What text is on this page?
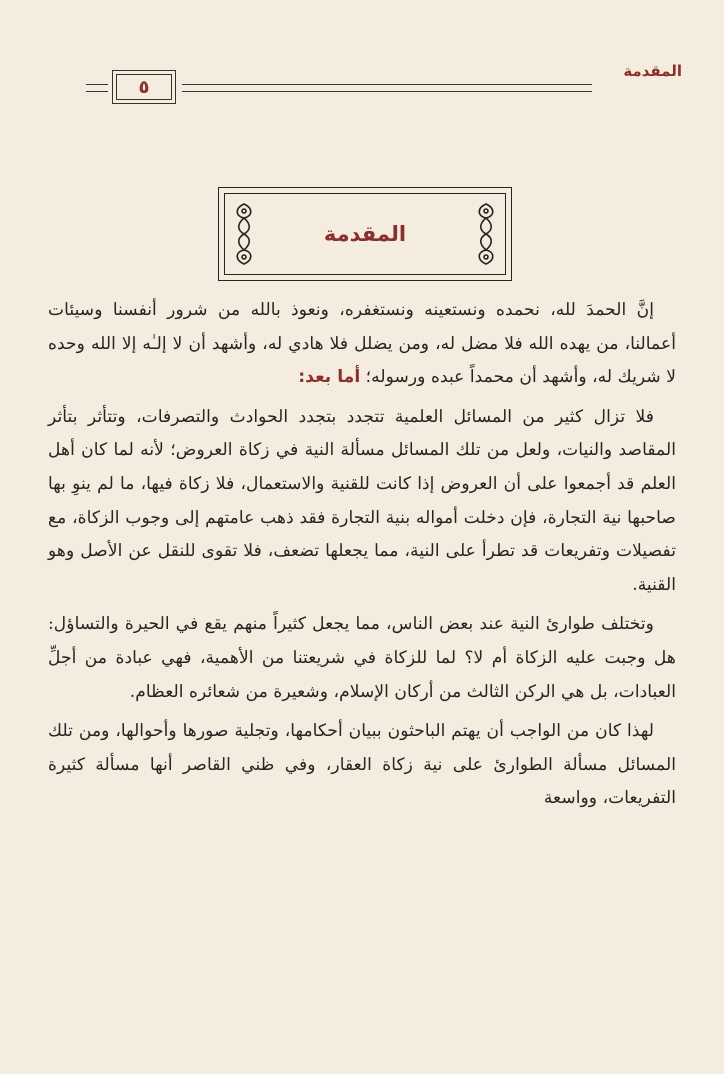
المقدمة
٥
المقدمة

إنَّ الحمدَ لله، نحمده ونستعينه ونستغفره، ونعوذ بالله من شرور أنفسنا وسيئات أعمالنا، من يهده الله فلا مضل له، ومن يضلل فلا هادي له، وأشهد أن لا إلـٰه إلا الله وحده لا شريك له، وأشهد أن محمداً عبده ورسوله؛ أما بعد:

فلا تزال كثير من المسائل العلمية تتجدد بتجدد الحوادث والتصرفات، وتتأثر بتأثر المقاصد والنيات، ولعل من تلك المسائل مسألة النية في زكاة العروض؛ لأنه لما كان أهل العلم قد أجمعوا على أن العروض إذا كانت للقنية والاستعمال، فلا زكاة فيها، ما لم ينوِ بها صاحبها نية التجارة، فإن دخلت أمواله بنية التجارة فقد ذهب عامتهم إلى وجوب الزكاة، مع تفصيلات وتفريعات قد تطرأ على النية، مما يجعلها تضعف، فلا تقوى للنقل عن الأصل وهو القنية.

وتختلف طوارئ النية عند بعض الناس، مما يجعل كثيراً منهم يقع في الحيرة والتساؤل: هل وجبت عليه الزكاة أم لا؟ لما للزكاة في شريعتنا من الأهمية، فهي عبادة من أجلِّ العبادات، بل هي الركن الثالث من أركان الإسلام، وشعيرة من شعائره العظام.

لهذا كان من الواجب أن يهتم الباحثون ببيان أحكامها، وتجلية صورها وأحوالها، ومن تلك المسائل مسألة الطوارئ على نية زكاة العقار، وفي ظني القاصر أنها مسألة كثيرة التفريعات، وواسعة
